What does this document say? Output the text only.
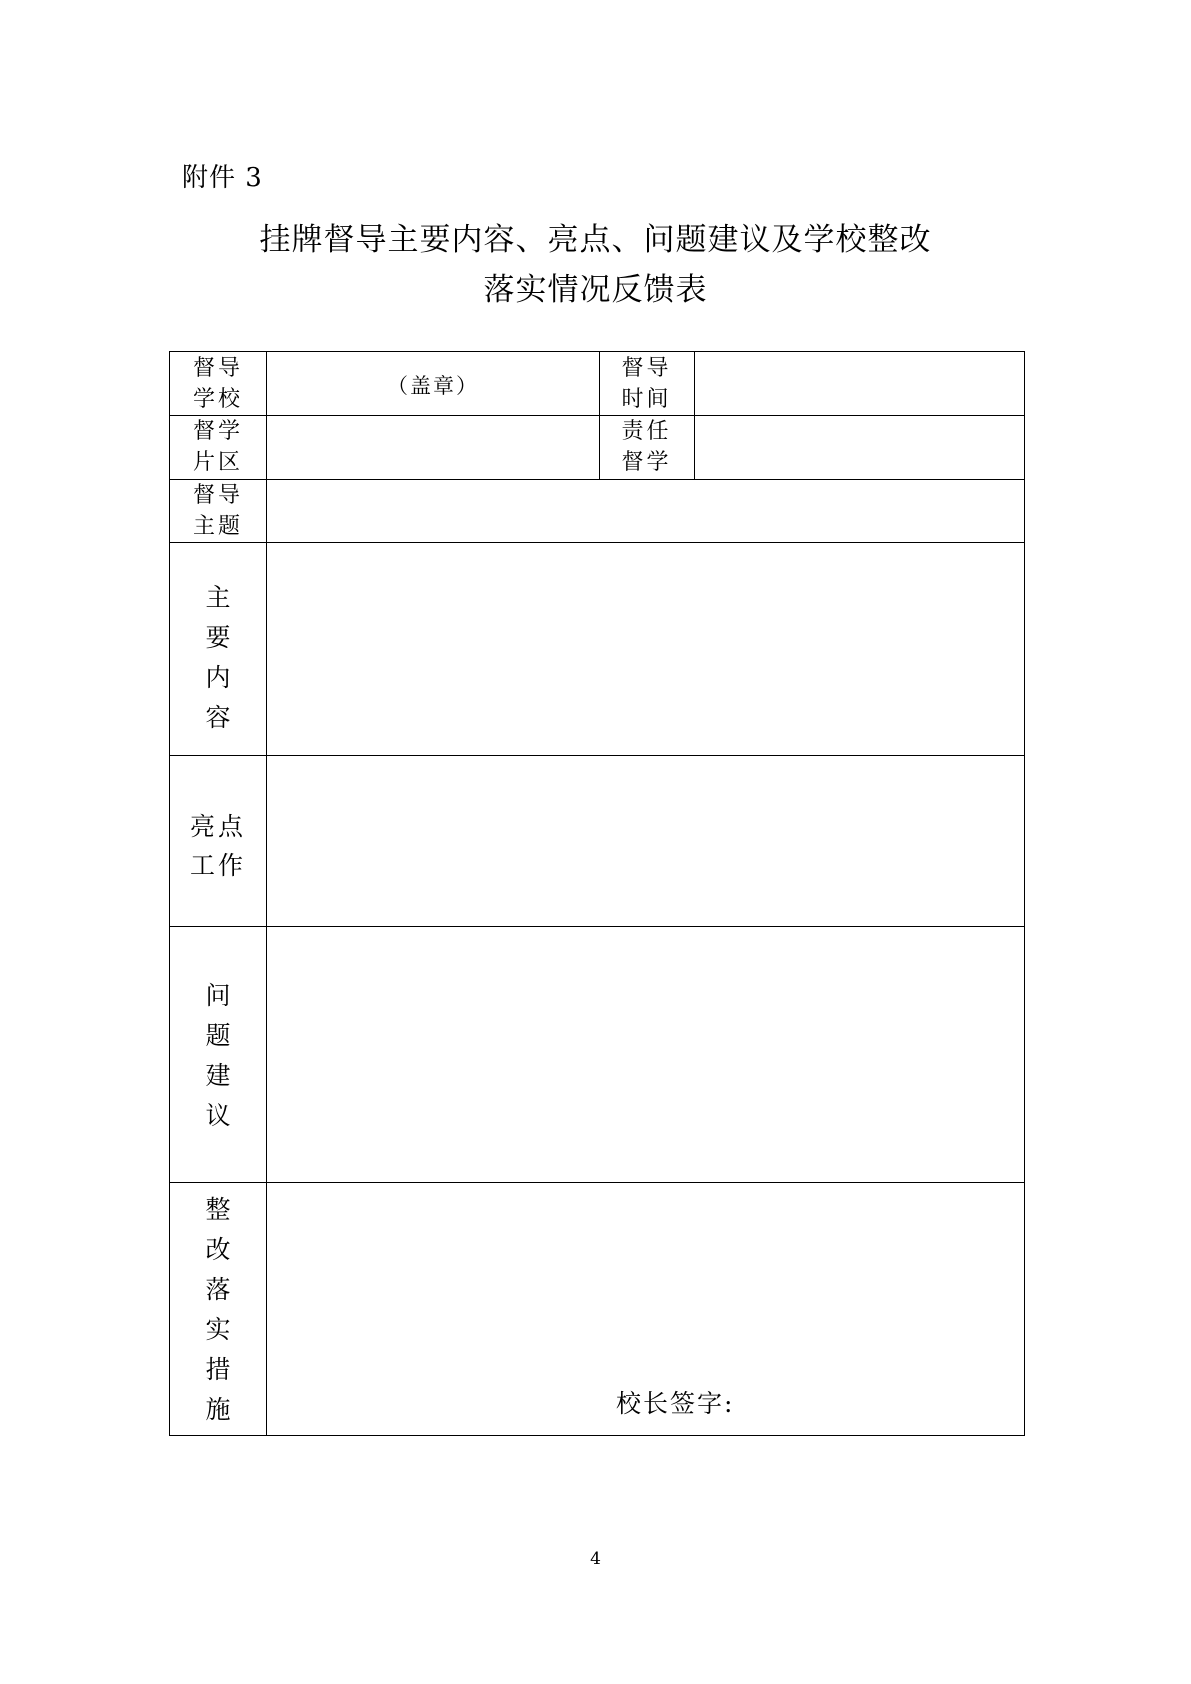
附件 3
挂牌督导主要内容、亮点、问题建议及学校整改
落实情况反馈表
督导
学校
（盖章）
督导
时间
督学
片区
责任
督学
督导
主题
主
要
内
容
亮点
工作
问
题
建
议
整
改
落
实
措
施	校长签字:
4
